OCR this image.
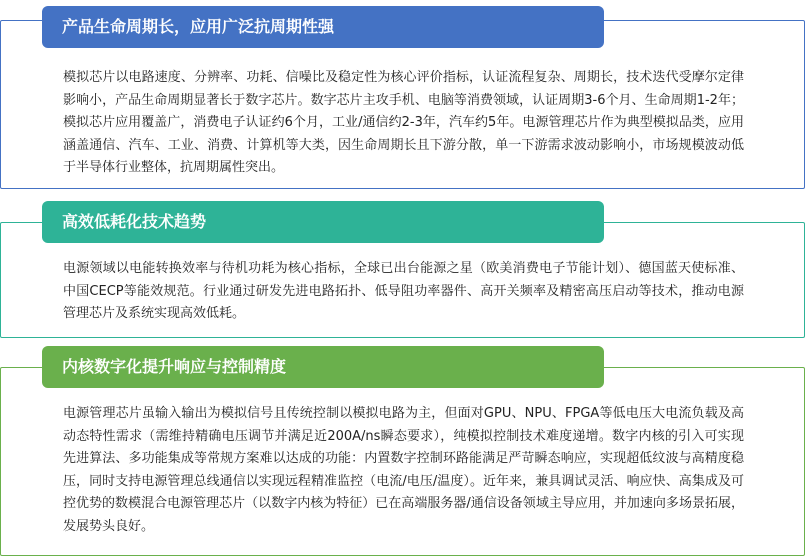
模拟芯片以电路速度、分辨率、功耗、信噪比及稳定性为核心评价指标，认证流程复杂、周期长，技术迭代受摩尔定律影响小，产品生命周期显著长于数字芯片。数字芯片主攻手机、电脑等消费领域，认证周期3-6个月、生命周期1-2年；模拟芯片应用覆盖广，消费电子认证约6个月，工业/通信约2-3年，汽车约5年。电源管理芯片作为典型模拟品类，应用涵盖通信、汽车、工业、消费、计算机等大类，因生命周期长且下游分散，单一下游需求波动影响小，市场规模波动低于半导体行业整体，抗周期属性突出。
产品生命周期长，应用广泛抗周期性强
电源领域以电能转换效率与待机功耗为核心指标，全球已出台能源之星（欧美消费电子节能计划）、德国蓝天使标准、中国CECP等能效规范。行业通过研发先进电路拓扑、低导阻功率器件、高开关频率及精密高压启动等技术，推动电源管理芯片及系统实现高效低耗。
高效低耗化技术趋势
电源管理芯片虽输入输出为模拟信号且传统控制以模拟电路为主，但面对GPU、NPU、FPGA等低电压大电流负载及高动态特性需求（需维持精确电压调节并满足近200A/ns瞬态要求），纯模拟控制技术难度递增。数字内核的引入可实现先进算法、多功能集成等常规方案难以达成的功能：内置数字控制环路能满足严苛瞬态响应，实现超低纹波与高精度稳压，同时支持电源管理总线通信以实现远程精准监控（电流/电压/温度）。近年来，兼具调试灵活、响应快、高集成及可控优势的数模混合电源管理芯片（以数字内核为特征）已在高端服务器/通信设备领域主导应用，并加速向多场景拓展，发展势头良好。
内核数字化提升响应与控制精度
